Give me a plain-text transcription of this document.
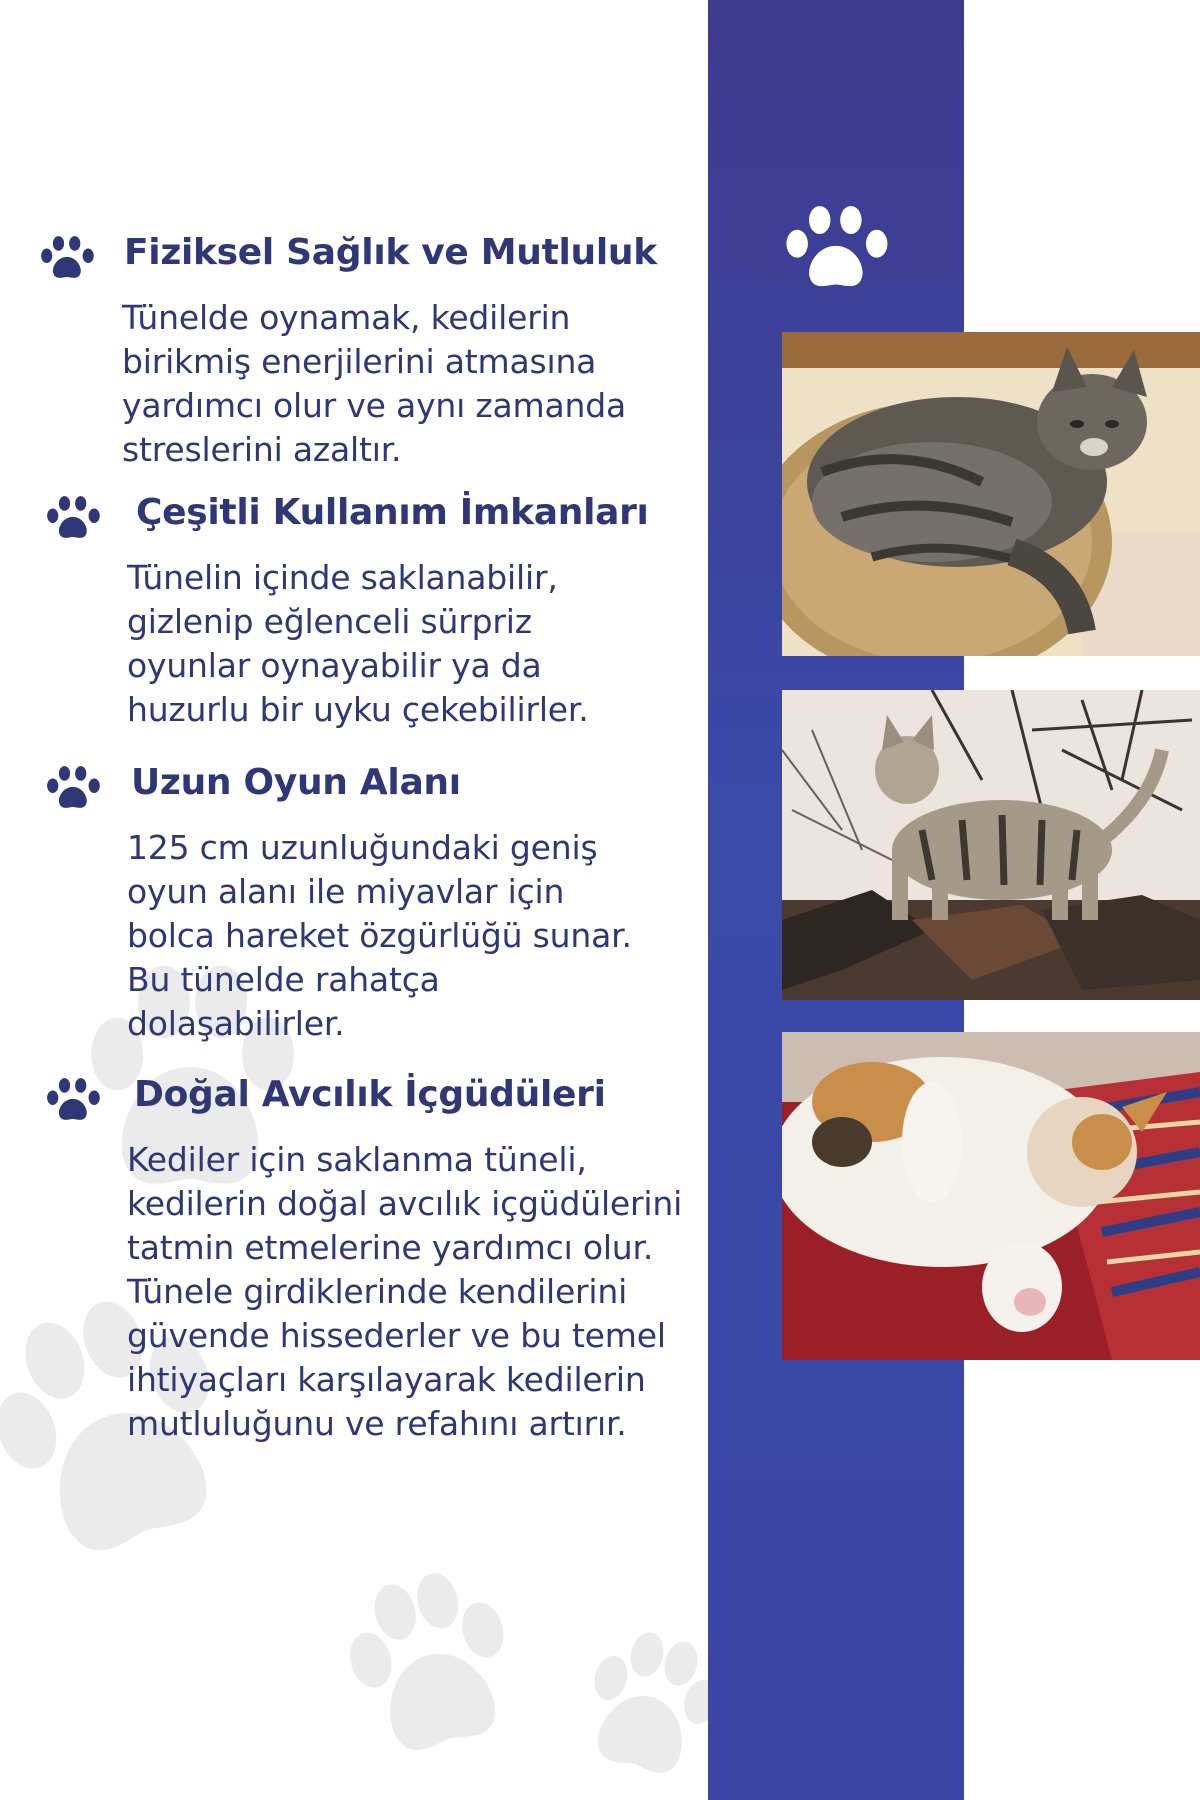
Fiziksel Sağlık ve Mutluluk

Tünelde oynamak, kedilerin birikmiş enerjilerini atmasına yardımcı olur ve aynı zamanda streslerini azaltır.

Çeşitli Kullanım İmkanları

Tünelin içinde saklanabilir, gizlenip eğlenceli sürpriz oyunlar oynayabilir ya da huzurlu bir uyku çekebilirler.

Uzun Oyun Alanı

125 cm uzunluğundaki geniş oyun alanı ile miyavlar için bolca hareket özgürlüğü sunar. Bu tünelde rahatça dolaşabilirler.

Doğal Avcılık İçgüdüleri

Kediler için saklanma tüneli, kedilerin doğal avcılık içgüdülerini tatmin etmelerine yardımcı olur. Tünele girdiklerinde kendilerini güvende hissederler ve bu temel ihtiyaçları karşılayarak kedilerin mutluluğunu ve refahını artırır.
